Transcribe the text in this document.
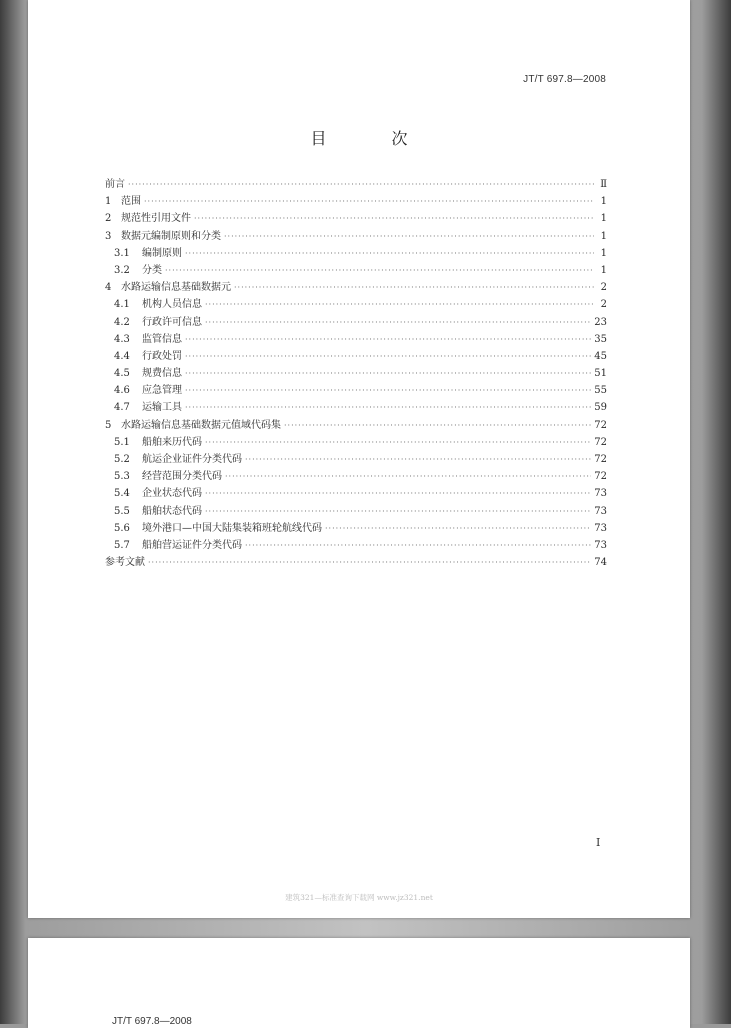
JT/T 697.8—2008
目 次
前言 ·····	Ⅱ
1 范围 ·····	1
2 规范性引用文件 ·····	1
3 数据元编制原则和分类 ·····	1
3.1	编制原则 ·····	1
3.2	分类 ·····	1
4 水路运输信息基础数据元 ·····	2
4.1	机构人员信息 ·····	2
4.2	行政许可信息 ·····	23
4.3	监管信息 ·····	35
4.4	行政处罚 ·····	45
4.5	规费信息 ·····	51
4.6	应急管理 ·····	55
4.7	运输工具 ·····	59
5 水路运输信息基础数据元值域代码集 ·····	72
5.1	船舶来历代码 ·····	72
5.2	航运企业证件分类代码 ·····	72
5.3	经营范围分类代码 ·····	72
5.4	企业状态代码 ·····	73
5.5	船舶状态代码 ·····	73
5.6	境外港口—中国大陆集装箱班轮航线代码 ·····	73
5.7	船舶营运证件分类代码 ·····	73
参考文献 ·····	74
I
建筑321—标准查询下载网 www.jz321.net
JT/T 697.8—2008
